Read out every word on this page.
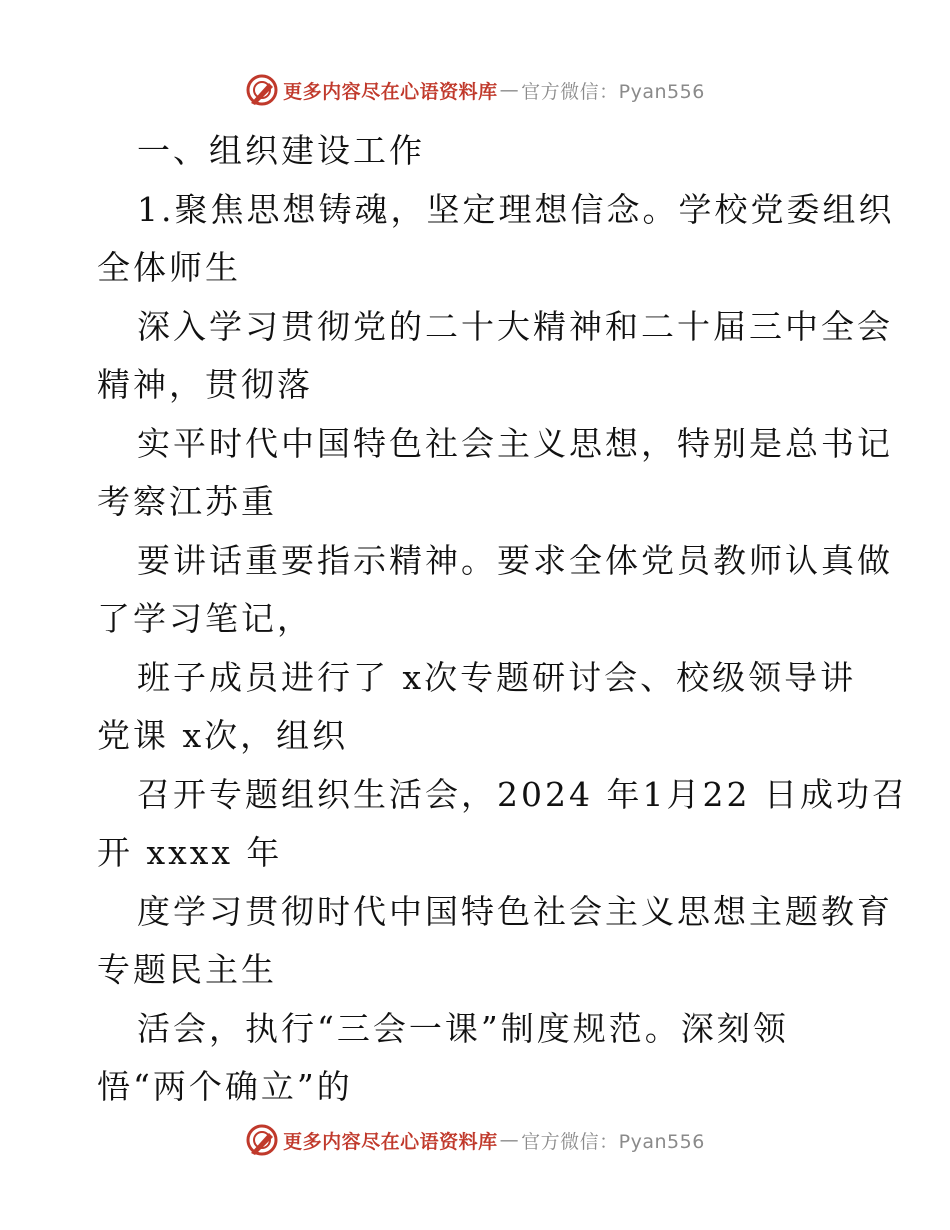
更多内容尽在心语资料库 — 官方微信：Pyan556
一、组织建设工作
1.聚焦思想铸魂，坚定理想信念。学校党委组织
全体师生
深入学习贯彻党的二十大精神和二十届三中全会
精神，贯彻落
实平时代中国特色社会主义思想，特别是总书记
考察江苏重
要讲话重要指示精神。要求全体党员教师认真做
了学习笔记，
班子成员进行了 x次专题研讨会、校级领导讲
党课 x次，组织
召开专题组织生活会，2024 年1月22 日成功召
开 xxxx 年
度学习贯彻时代中国特色社会主义思想主题教育
专题民主生
活会，执行“三会一课”制度规范。深刻领
悟“两个确立”的
更多内容尽在心语资料库 — 官方微信：Pyan556
